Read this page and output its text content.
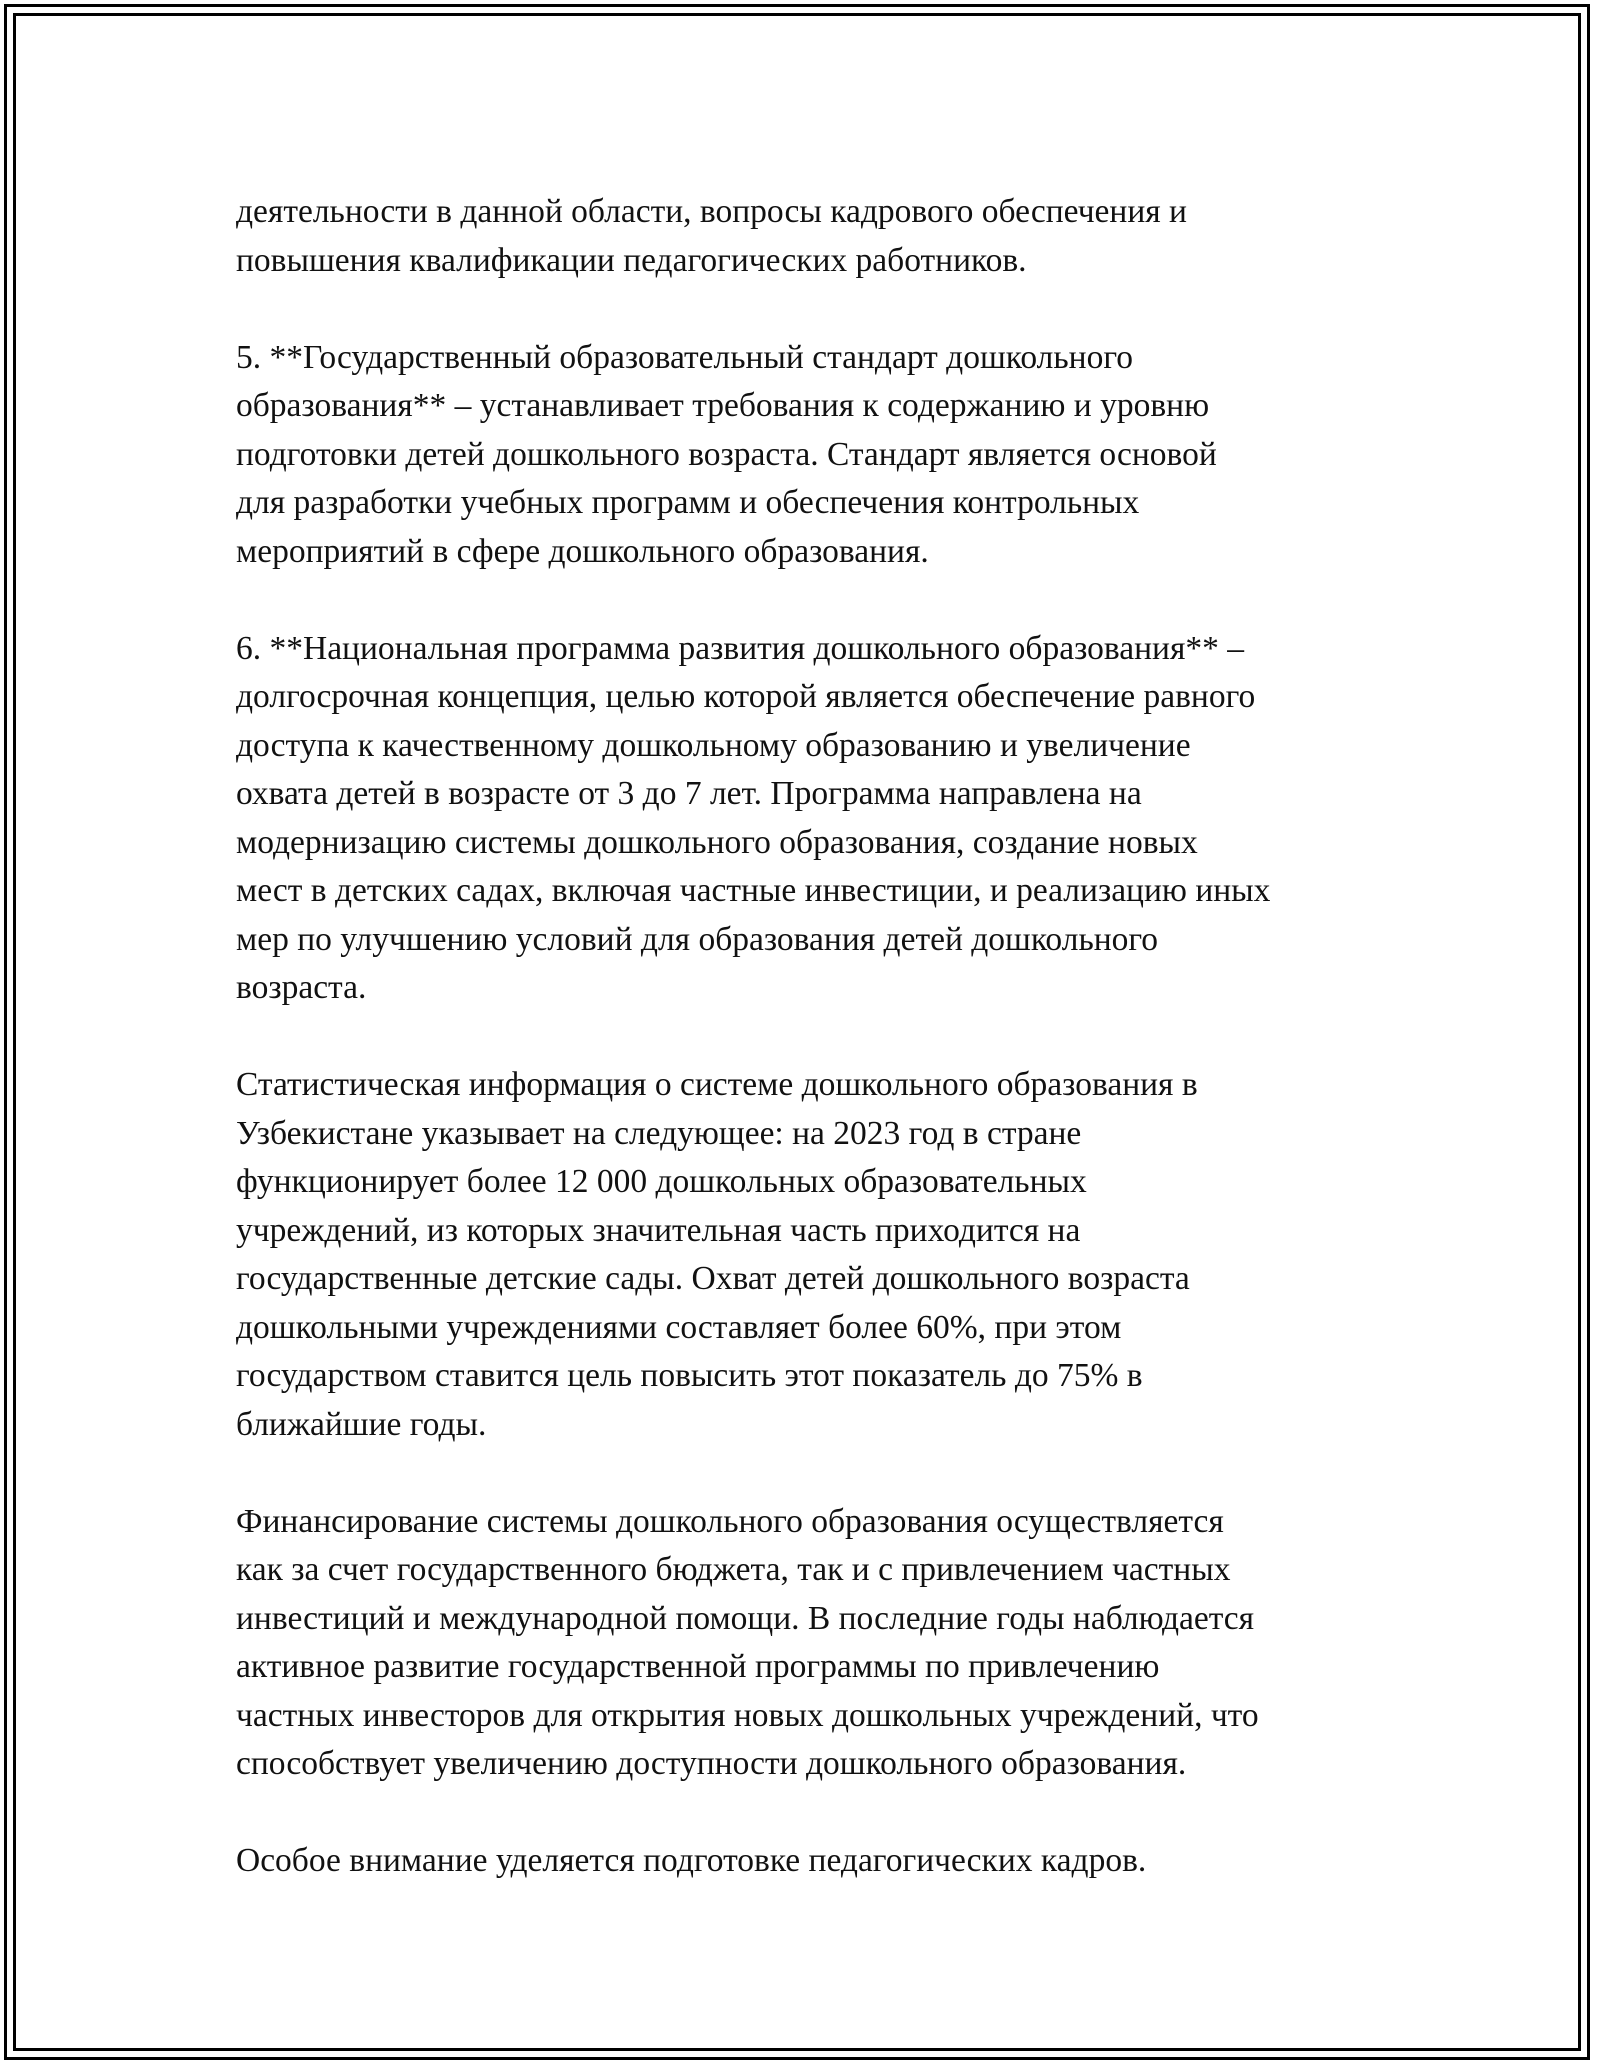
деятельности в данной области, вопросы кадрового обеспечения и
повышения квалификации педагогических работников.

5. **Государственный образовательный стандарт дошкольного
образования** – устанавливает требования к содержанию и уровню
подготовки детей дошкольного возраста. Стандарт является основой
для разработки учебных программ и обеспечения контрольных
мероприятий в сфере дошкольного образования.

6. **Национальная программа развития дошкольного образования** –
долгосрочная концепция, целью которой является обеспечение равного
доступа к качественному дошкольному образованию и увеличение
охвата детей в возрасте от 3 до 7 лет. Программа направлена на
модернизацию системы дошкольного образования, создание новых
мест в детских садах, включая частные инвестиции, и реализацию иных
мер по улучшению условий для образования детей дошкольного
возраста.

Статистическая информация о системе дошкольного образования в
Узбекистане указывает на следующее: на 2023 год в стране
функционирует более 12 000 дошкольных образовательных
учреждений, из которых значительная часть приходится на
государственные детские сады. Охват детей дошкольного возраста
дошкольными учреждениями составляет более 60%, при этом
государством ставится цель повысить этот показатель до 75% в
ближайшие годы.

Финансирование системы дошкольного образования осуществляется
как за счет государственного бюджета, так и с привлечением частных
инвестиций и международной помощи. В последние годы наблюдается
активное развитие государственной программы по привлечению
частных инвесторов для открытия новых дошкольных учреждений, что
способствует увеличению доступности дошкольного образования.

Особое внимание уделяется подготовке педагогических кадров.
